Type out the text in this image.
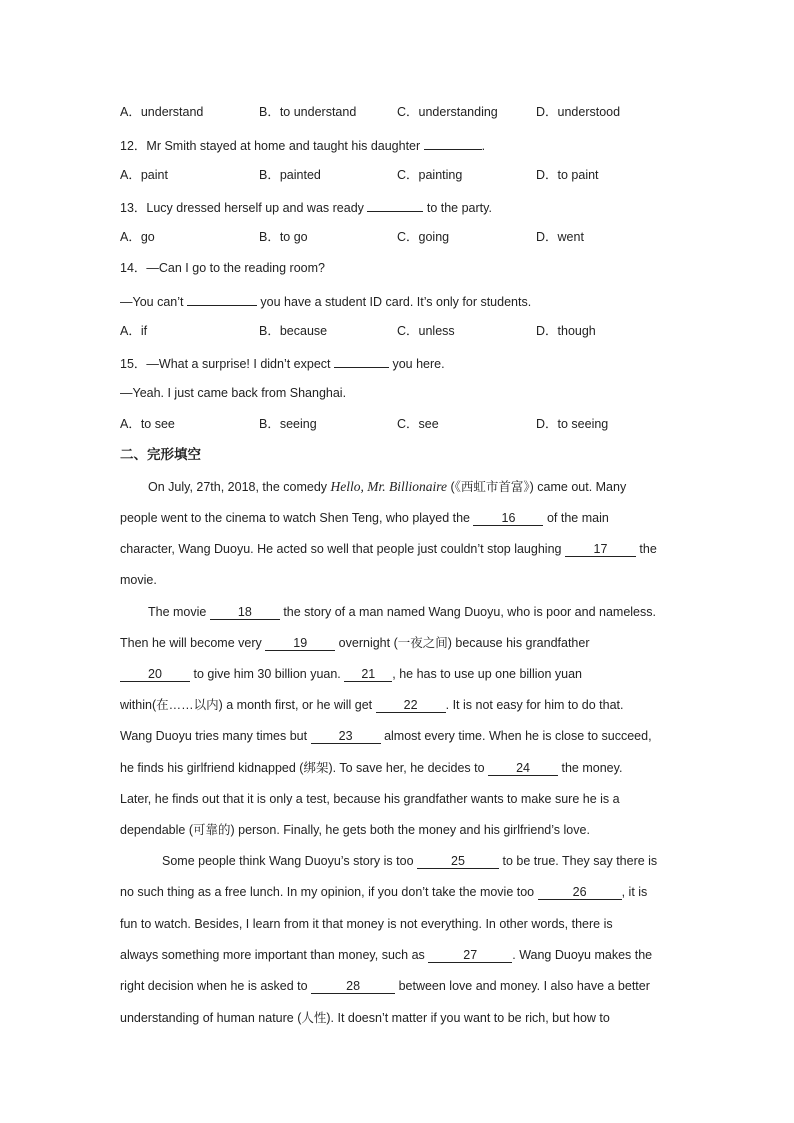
A．understand	B．to understand	C．understanding	D．understood
12．Mr Smith stayed at home and taught his daughter	.
A．paint	B．painted	C．painting	D．to paint
13．Lucy dressed herself up and was ready	to the party.
A．go	B．to go	C．going	D．went
14．—Can I go to the reading room?
—You can’t	you have a student ID card. It’s only for students.
A．if	B．because	C．unless	D．though
15．—What a surprise! I didn’t expect	you here.
—Yeah. I just came back from Shanghai.
A．to see	B．seeing	C．see	D．to seeing
二、完形填空
On July, 27th, 2018, the comedy Hello, Mr. Billionaire (《西虹市首富》) came out. Many
people went to the cinema to watch Shen Teng, who played the 16 of the main
character, Wang Duoyu. He acted so well that people just couldn’t stop laughing 17 the
movie.
The movie 18 the story of a man named Wang Duoyu, who is poor and nameless.
Then he will become very 19 overnight (一夜之间) because his grandfather
20 to give him 30 billion yuan. 21 , he has to use up one billion yuan
within(在……以内) a month first, or he will get 22 . It is not easy for him to do that.
Wang Duoyu tries many times but 23 almost every time. When he is close to succeed,
he finds his girlfriend kidnapped (绑架). To save her, he decides to 24 the money.
Later, he finds out that it is only a test, because his grandfather wants to make sure he is a
dependable (可靠的) person. Finally, he gets both the money and his girlfriend’s love.
Some people think Wang Duoyu’s story is too	25	to be true. They say there is
no such thing as a free lunch. In my opinion, if you don’t take the movie too	26	, it is
fun to watch. Besides, I learn from it that money is not everything. In other words, there is
always something more important than money, such as	27	. Wang Duoyu makes the
right decision when he is asked to	28	between love and money. I also have a better
understanding of human nature (人性). It doesn’t matter if you want to be rich, but how to
